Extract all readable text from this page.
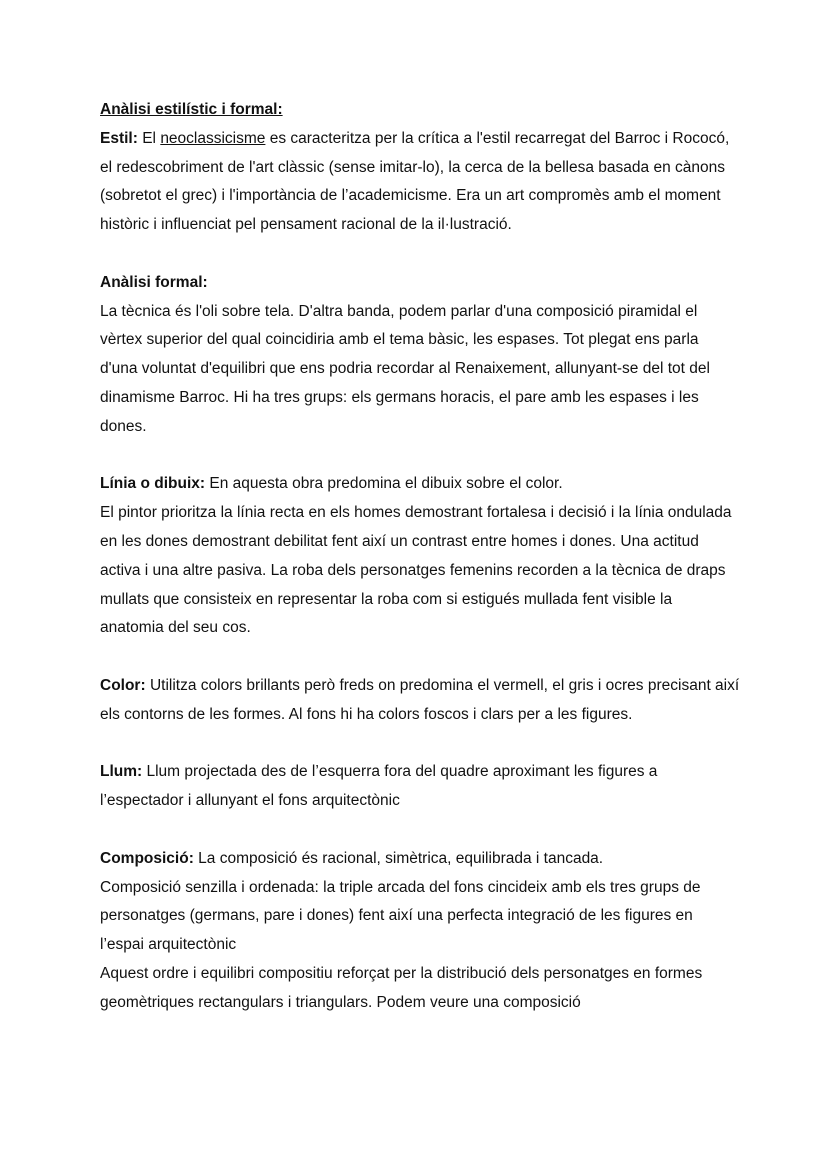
Anàlisi estilístic i formal:

Estil: El neoclassicisme es caracteritza per la crítica a l'estil recarregat del Barroc i Rococó, el redescobriment de l'art clàssic (sense imitar-lo), la cerca de la bellesa basada en cànons (sobretot el grec) i l'importància de l’academicisme. Era un art compromès amb el moment històric i influenciat pel pensament racional de la il·lustració.

Anàlisi formal:

La tècnica és l'oli sobre tela. D'altra banda, podem parlar d'una composició piramidal el vèrtex superior del qual coincidiria amb el tema bàsic, les espases. Tot plegat ens parla d'una voluntat d'equilibri que ens podria recordar al Renaixement, allunyant-se del tot del dinamisme Barroc. Hi ha tres grups: els germans horacis, el pare amb les espases i les dones.

Línia o dibuix: En aquesta obra predomina el dibuix sobre el color.

El pintor prioritza la línia recta en els homes demostrant fortalesa i decisió i la línia ondulada en les dones demostrant debilitat fent així un contrast entre homes i dones. Una actitud activa i una altre pasiva. La roba dels personatges femenins recorden a la tècnica de draps mullats que consisteix en representar la roba com si estigués mullada fent visible la anatomia del seu cos.

Color: Utilitza colors brillants però freds on predomina el vermell, el gris i ocres precisant així els contorns de les formes. Al fons hi ha colors foscos i clars per a les figures.

Llum: Llum projectada des de l’esquerra fora del quadre aproximant les figures a l’espectador i allunyant el fons arquitectònic

Composició: La composició és racional, simètrica, equilibrada i tancada.

Composició senzilla i ordenada: la triple arcada del fons cincideix amb els tres grups de personatges (germans, pare i dones) fent així una perfecta integració de les figures en l’espai arquitectònic

Aquest ordre i equilibri compositiu reforçat per la distribució dels personatges en formes geomètriques rectangulars i triangulars. Podem veure una composició
